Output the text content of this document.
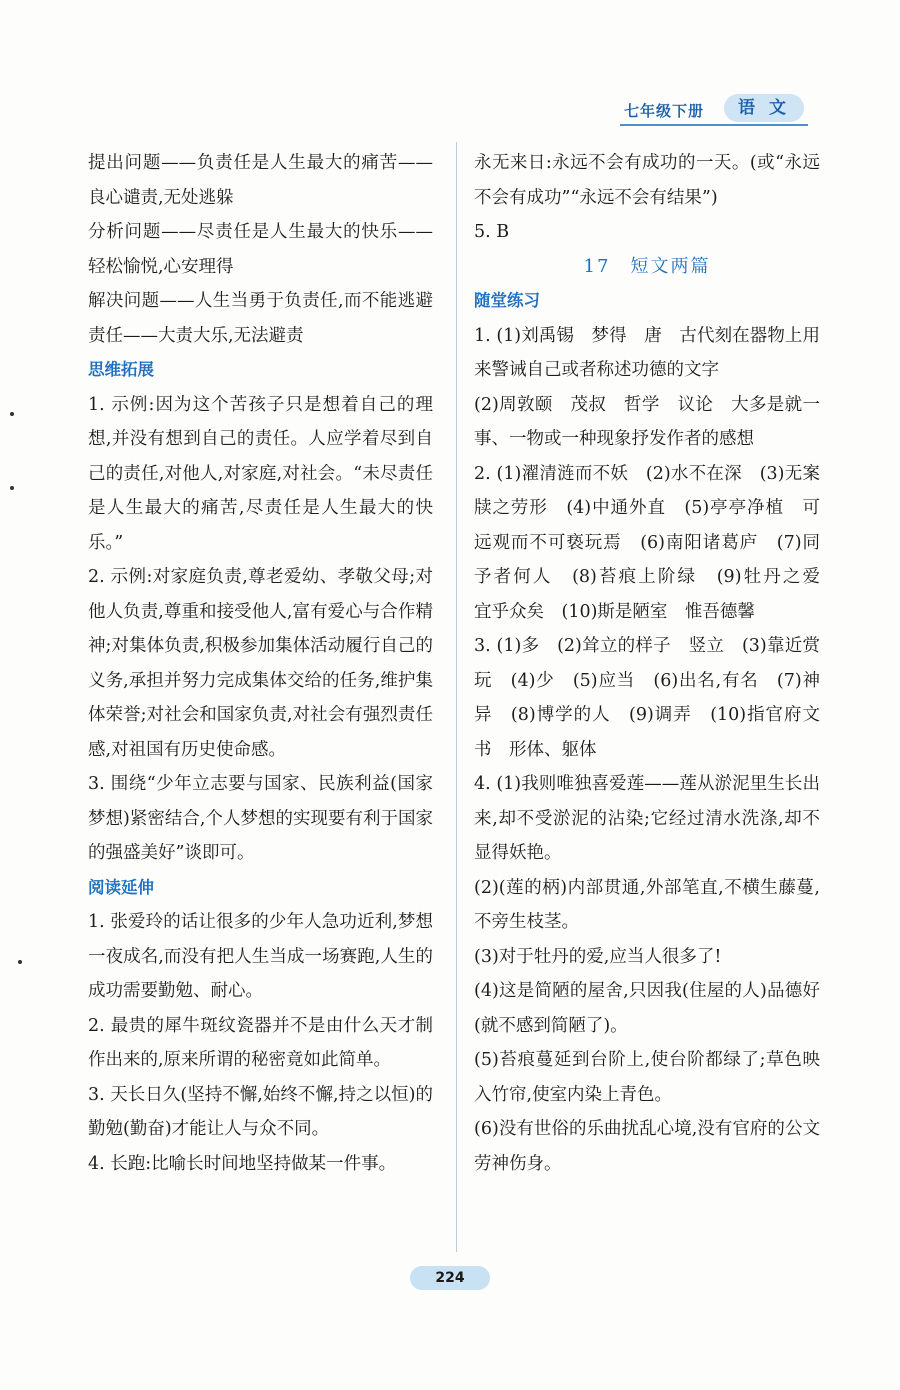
七年级下册	语 文
提出问题——负责任是人生最大的痛苦——良心谴责,无处逃躲
分析问题——尽责任是人生最大的快乐——轻松愉悦,心安理得
解决问题——人生当勇于负责任,而不能逃避责任——大责大乐,无法避责
思维拓展
1. 示例:因为这个苦孩子只是想着自己的理想,并没有想到自己的责任。人应学着尽到自己的责任,对他人,对家庭,对社会。“未尽责任是人生最大的痛苦,尽责任是人生最大的快乐。”
2. 示例:对家庭负责,尊老爱幼、孝敬父母;对他人负责,尊重和接受他人,富有爱心与合作精神;对集体负责,积极参加集体活动履行自己的义务,承担并努力完成集体交给的任务,维护集体荣誉;对社会和国家负责,对社会有强烈责任感,对祖国有历史使命感。
3. 围绕“少年立志要与国家、民族利益(国家梦想)紧密结合,个人梦想的实现要有利于国家的强盛美好”谈即可。
阅读延伸
1. 张爱玲的话让很多的少年人急功近利,梦想一夜成名,而没有把人生当成一场赛跑,人生的成功需要勤勉、耐心。
2. 最贵的犀牛斑纹瓷器并不是由什么天才制作出来的,原来所谓的秘密竟如此简单。
3. 天长日久(坚持不懈,始终不懈,持之以恒)的勤勉(勤奋)才能让人与众不同。
4. 长跑:比喻长时间地坚持做某一件事。
永无来日:永远不会有成功的一天。(或“永远不会有成功”“永远不会有结果”)
5. B
17　短文两篇
随堂练习
1. (1)刘禹锡　梦得　唐　古代刻在器物上用来警诫自己或者称述功德的文字
(2)周敦颐　茂叔　哲学　议论　大多是就一事、一物或一种现象抒发作者的感想
2. (1)濯清涟而不妖　(2)水不在深　(3)无案牍之劳形　(4)中通外直　(5)亭亭净植　可远观而不可亵玩焉　(6)南阳诸葛庐　(7)同予者何人　(8)苔痕上阶绿　(9)牡丹之爱　宜乎众矣　(10)斯是陋室　惟吾德馨
3. (1)多　(2)耸立的样子　竖立　(3)靠近赏玩　(4)少　(5)应当　(6)出名,有名　(7)神异　(8)博学的人　(9)调弄　(10)指官府文书　形体、躯体
4. (1)我则唯独喜爱莲——莲从淤泥里生长出来,却不受淤泥的沾染;它经过清水洗涤,却不显得妖艳。
(2)(莲的柄)内部贯通,外部笔直,不横生藤蔓,不旁生枝茎。
(3)对于牡丹的爱,应当人很多了!
(4)这是简陋的屋舍,只因我(住屋的人)品德好(就不感到简陋了)。
(5)苔痕蔓延到台阶上,使台阶都绿了;草色映入竹帘,使室内染上青色。
(6)没有世俗的乐曲扰乱心境,没有官府的公文劳神伤身。
224
